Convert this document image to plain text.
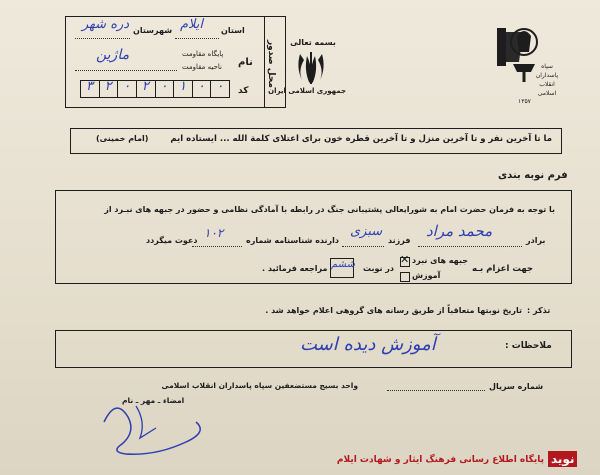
سپاه پاسداران انقلاب اسلامی
۱۳۵۷
بسمه تعالی
جمهوری اسلامی ایران
محل صدور
استان
ایلام
شهرستان
دره شهر
نام
پایگاه مقاومت
ناحیه مقاومت
ماژین
کد
۳ ۲ ۰ ۲ ۰ ۱ ۰ ۰
ما تا آخرین نفر و تا آخرین منزل و تا آخرین قطره خون برای اعتلای کلمة الله ... ایستاده ایم
(امام خمینی)
فرم نوبه بندی
با توجه به فرمان حضرت امام به شورایعالی پشتیبانی جنگ در رابطه با آمادگی نظامی و حضور در جبهه های نبـرد از
برادر
محمد مراد
فرزند
سبزی
دارنده شناسنامه شماره
۱۰۲
دعوت میگردد
جهت اعزام بـه
✕ جبهه های نبرد
آموزش
در نوبت
ششم
مراجعه فرمائید .
تذکر :
تاریخ نوبتها متعاقباً از طریق رسانه های گروهی اعلام خواهد شد .
ملاحظات :
آموزش دیده است
واحد بسیج مستضعفین سپاه پاسداران انقلاب اسلامی
امضاء ـ مهر ـ نام
شماره سریال
پایگاه اطلاع رسانی فرهنگ ایثار و شهادت ایلام نوید
